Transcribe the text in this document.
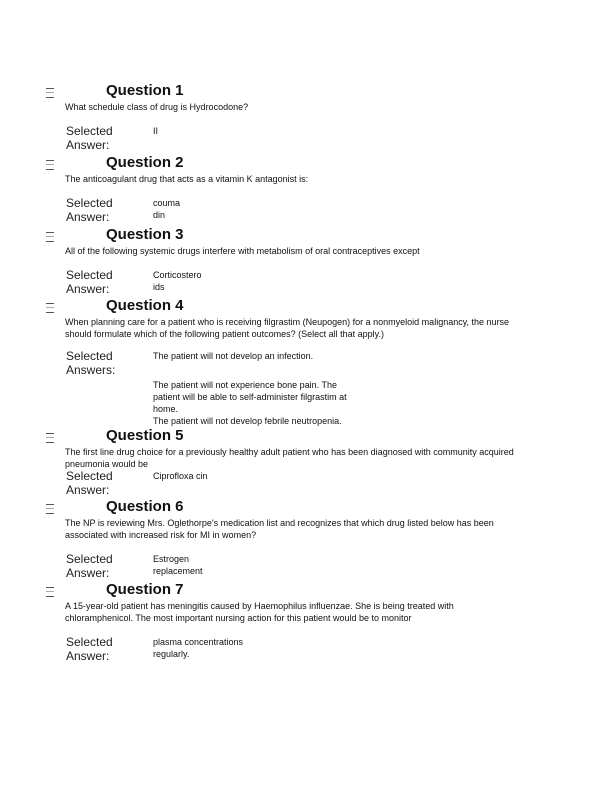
Question 1
What schedule class of drug is Hydrocodone?
Selected Answer:
II
Question 2
The anticoagulant drug that acts as a vitamin K antagonist is:
Selected Answer:
couma din
Question 3
All of the following systemic drugs interfere with metabolism of oral contraceptives except
Selected Answer:
Corticostero ids
Question 4
When planning care for a patient who is receiving filgrastim (Neupogen) for a nonmyeloid malignancy, the nurse should formulate which of the following patient outcomes? (Select all that apply.)
Selected Answers:
The patient will not develop an infection.
The patient will not experience bone pain. The patient will be able to self-administer filgrastim at home.
The patient will not develop febrile neutropenia.
Question 5
The first line drug choice for a previously healthy adult patient who has been diagnosed with community acquired pneumonia would be
Selected Answer:
Ciprofloxa cin
Question 6
The NP is reviewing Mrs. Oglethorpe's medication list and recognizes that which drug listed below has been associated with increased risk for MI in women?
Selected Answer:
Estrogen replacement
Question 7
A 15-year-old patient has meningitis caused by Haemophilus influenzae. She is being treated with chloramphenicol. The most important nursing action for this patient would be to monitor
Selected Answer:
plasma concentrations regularly.
